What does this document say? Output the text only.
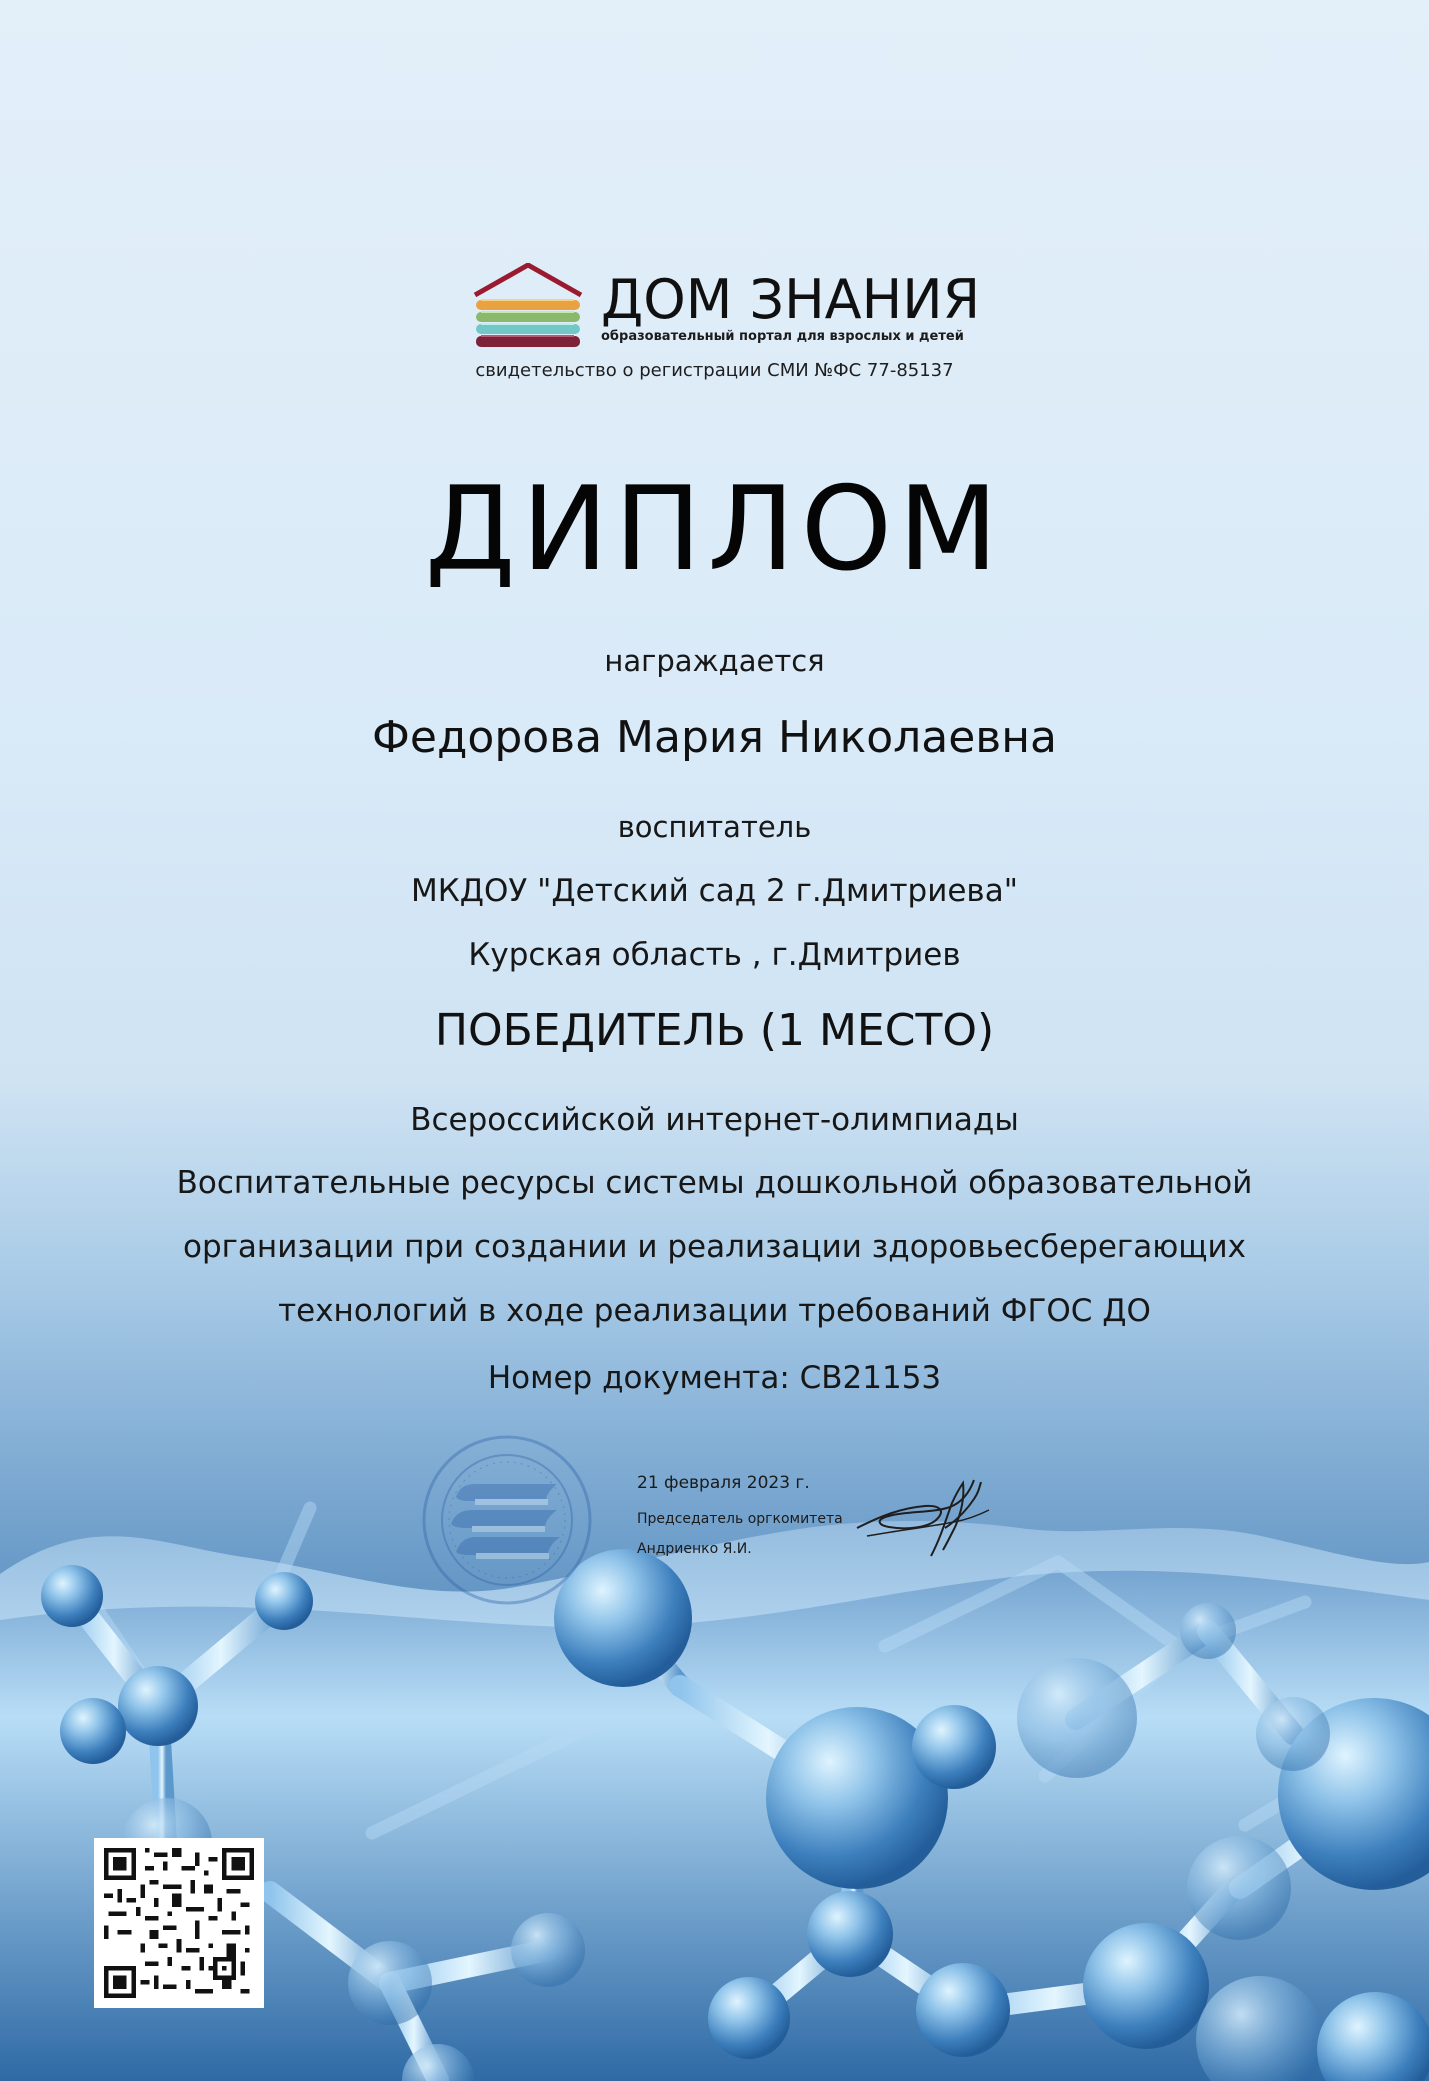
ДОМ ЗНАНИЯ
образовательный портал для взрослых и детей
свидетельство о регистрации СМИ №ФС 77-85137
ДИПЛОМ
награждается
Федорова Мария Николаевна
воспитатель
МКДОУ "Детский сад 2 г.Дмитриева"
Курская область , г.Дмитриев
ПОБЕДИТЕЛЬ (1 МЕСТО)
Всероссийской интернет-олимпиады
Воспитательные ресурсы системы дошкольной образовательной
организации при создании и реализации здоровьесберегающих
технологий в ходе реализации требований ФГОС ДО
Номер документа: СВ21153
21 февраля 2023 г.
Председатель оргкомитета
Андриенко Я.И.
